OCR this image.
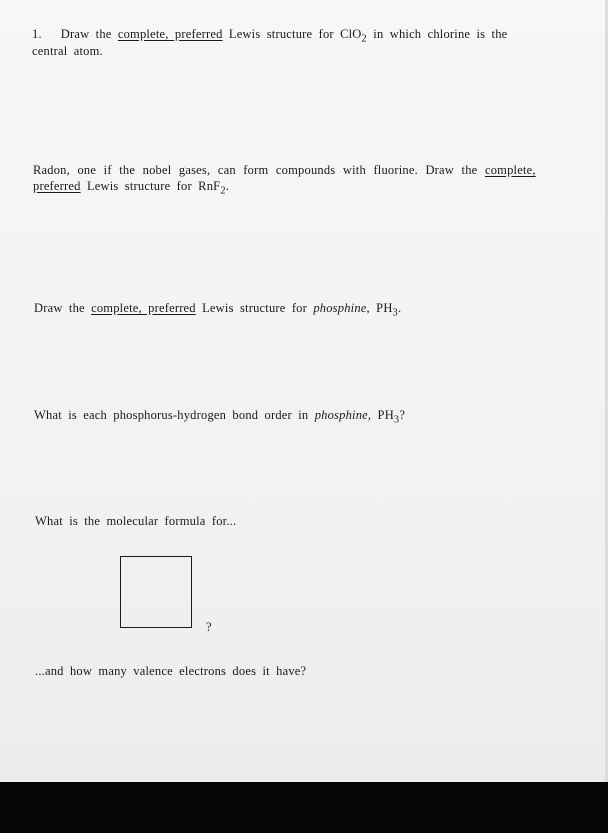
1. Draw the complete, preferred Lewis structure for ClO$_2$ in which chlorine is the
central atom.
Radon, one if the nobel gases, can form compounds with fluorine. Draw the complete,
preferred Lewis structure for RnF$_2$.
Draw the complete, preferred Lewis structure for phosphine, $PH_3$.
What is each phosphorus-hydrogen bond order in phosphine, $PH_3$?
What is the molecular formula for...
?
...and how many valence electrons does it have?
